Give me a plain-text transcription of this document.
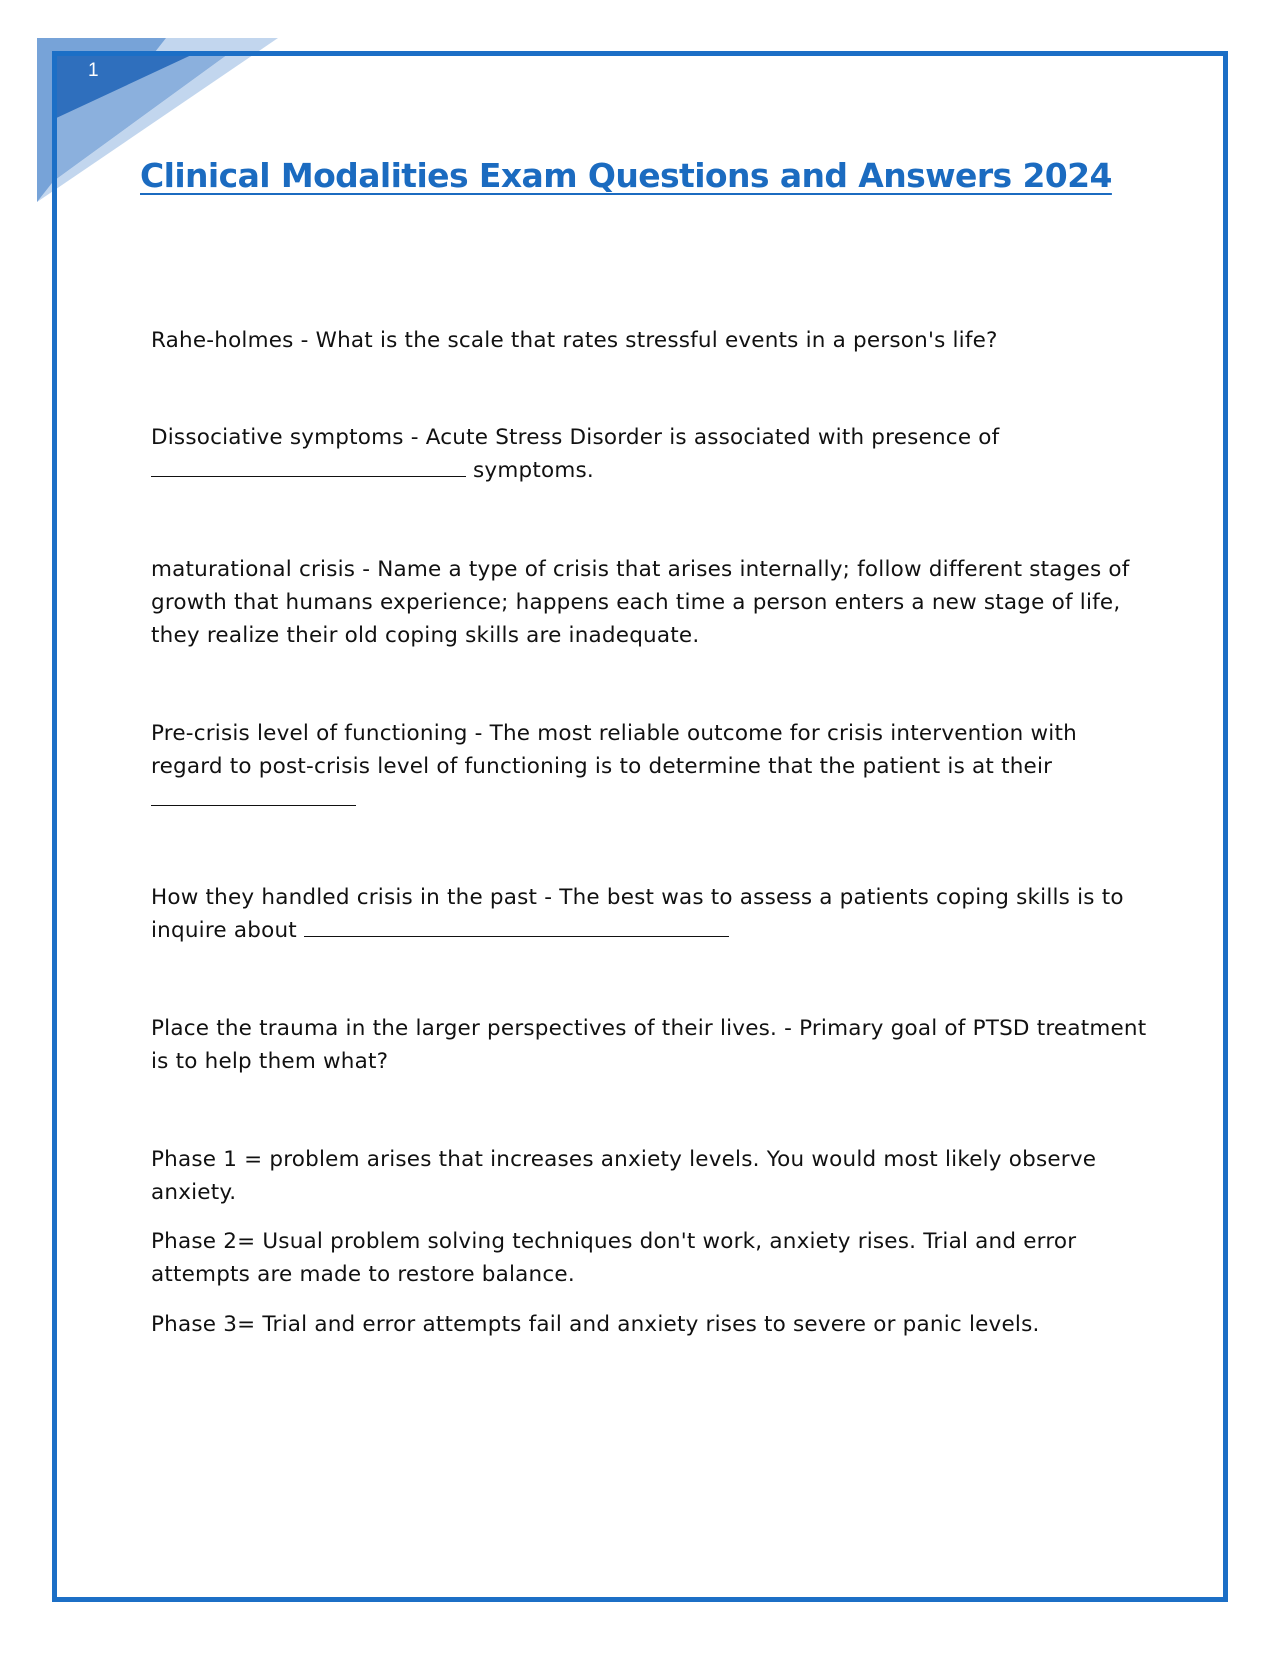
1
Clinical Modalities Exam Questions and Answers 2024

Rahe-holmes - What is the scale that rates stressful events in a person's life?

Dissociative symptoms - Acute Stress Disorder is associated with presence of
symptoms.

maturational crisis - Name a type of crisis that arises internally; follow different stages of growth that humans experience; happens each time a person enters a new stage of life, they realize their old coping skills are inadequate.

Pre-crisis level of functioning - The most reliable outcome for crisis intervention with regard to post-crisis level of functioning is to determine that the patient is at their

How they handled crisis in the past - The best was to assess a patients coping skills is to inquire about

Place the trauma in the larger perspectives of their lives. - Primary goal of PTSD treatment is to help them what?

Phase 1 = problem arises that increases anxiety levels. You would most likely observe anxiety.

Phase 2= Usual problem solving techniques don't work, anxiety rises. Trial and error attempts are made to restore balance.

Phase 3= Trial and error attempts fail and anxiety rises to severe or panic levels.
